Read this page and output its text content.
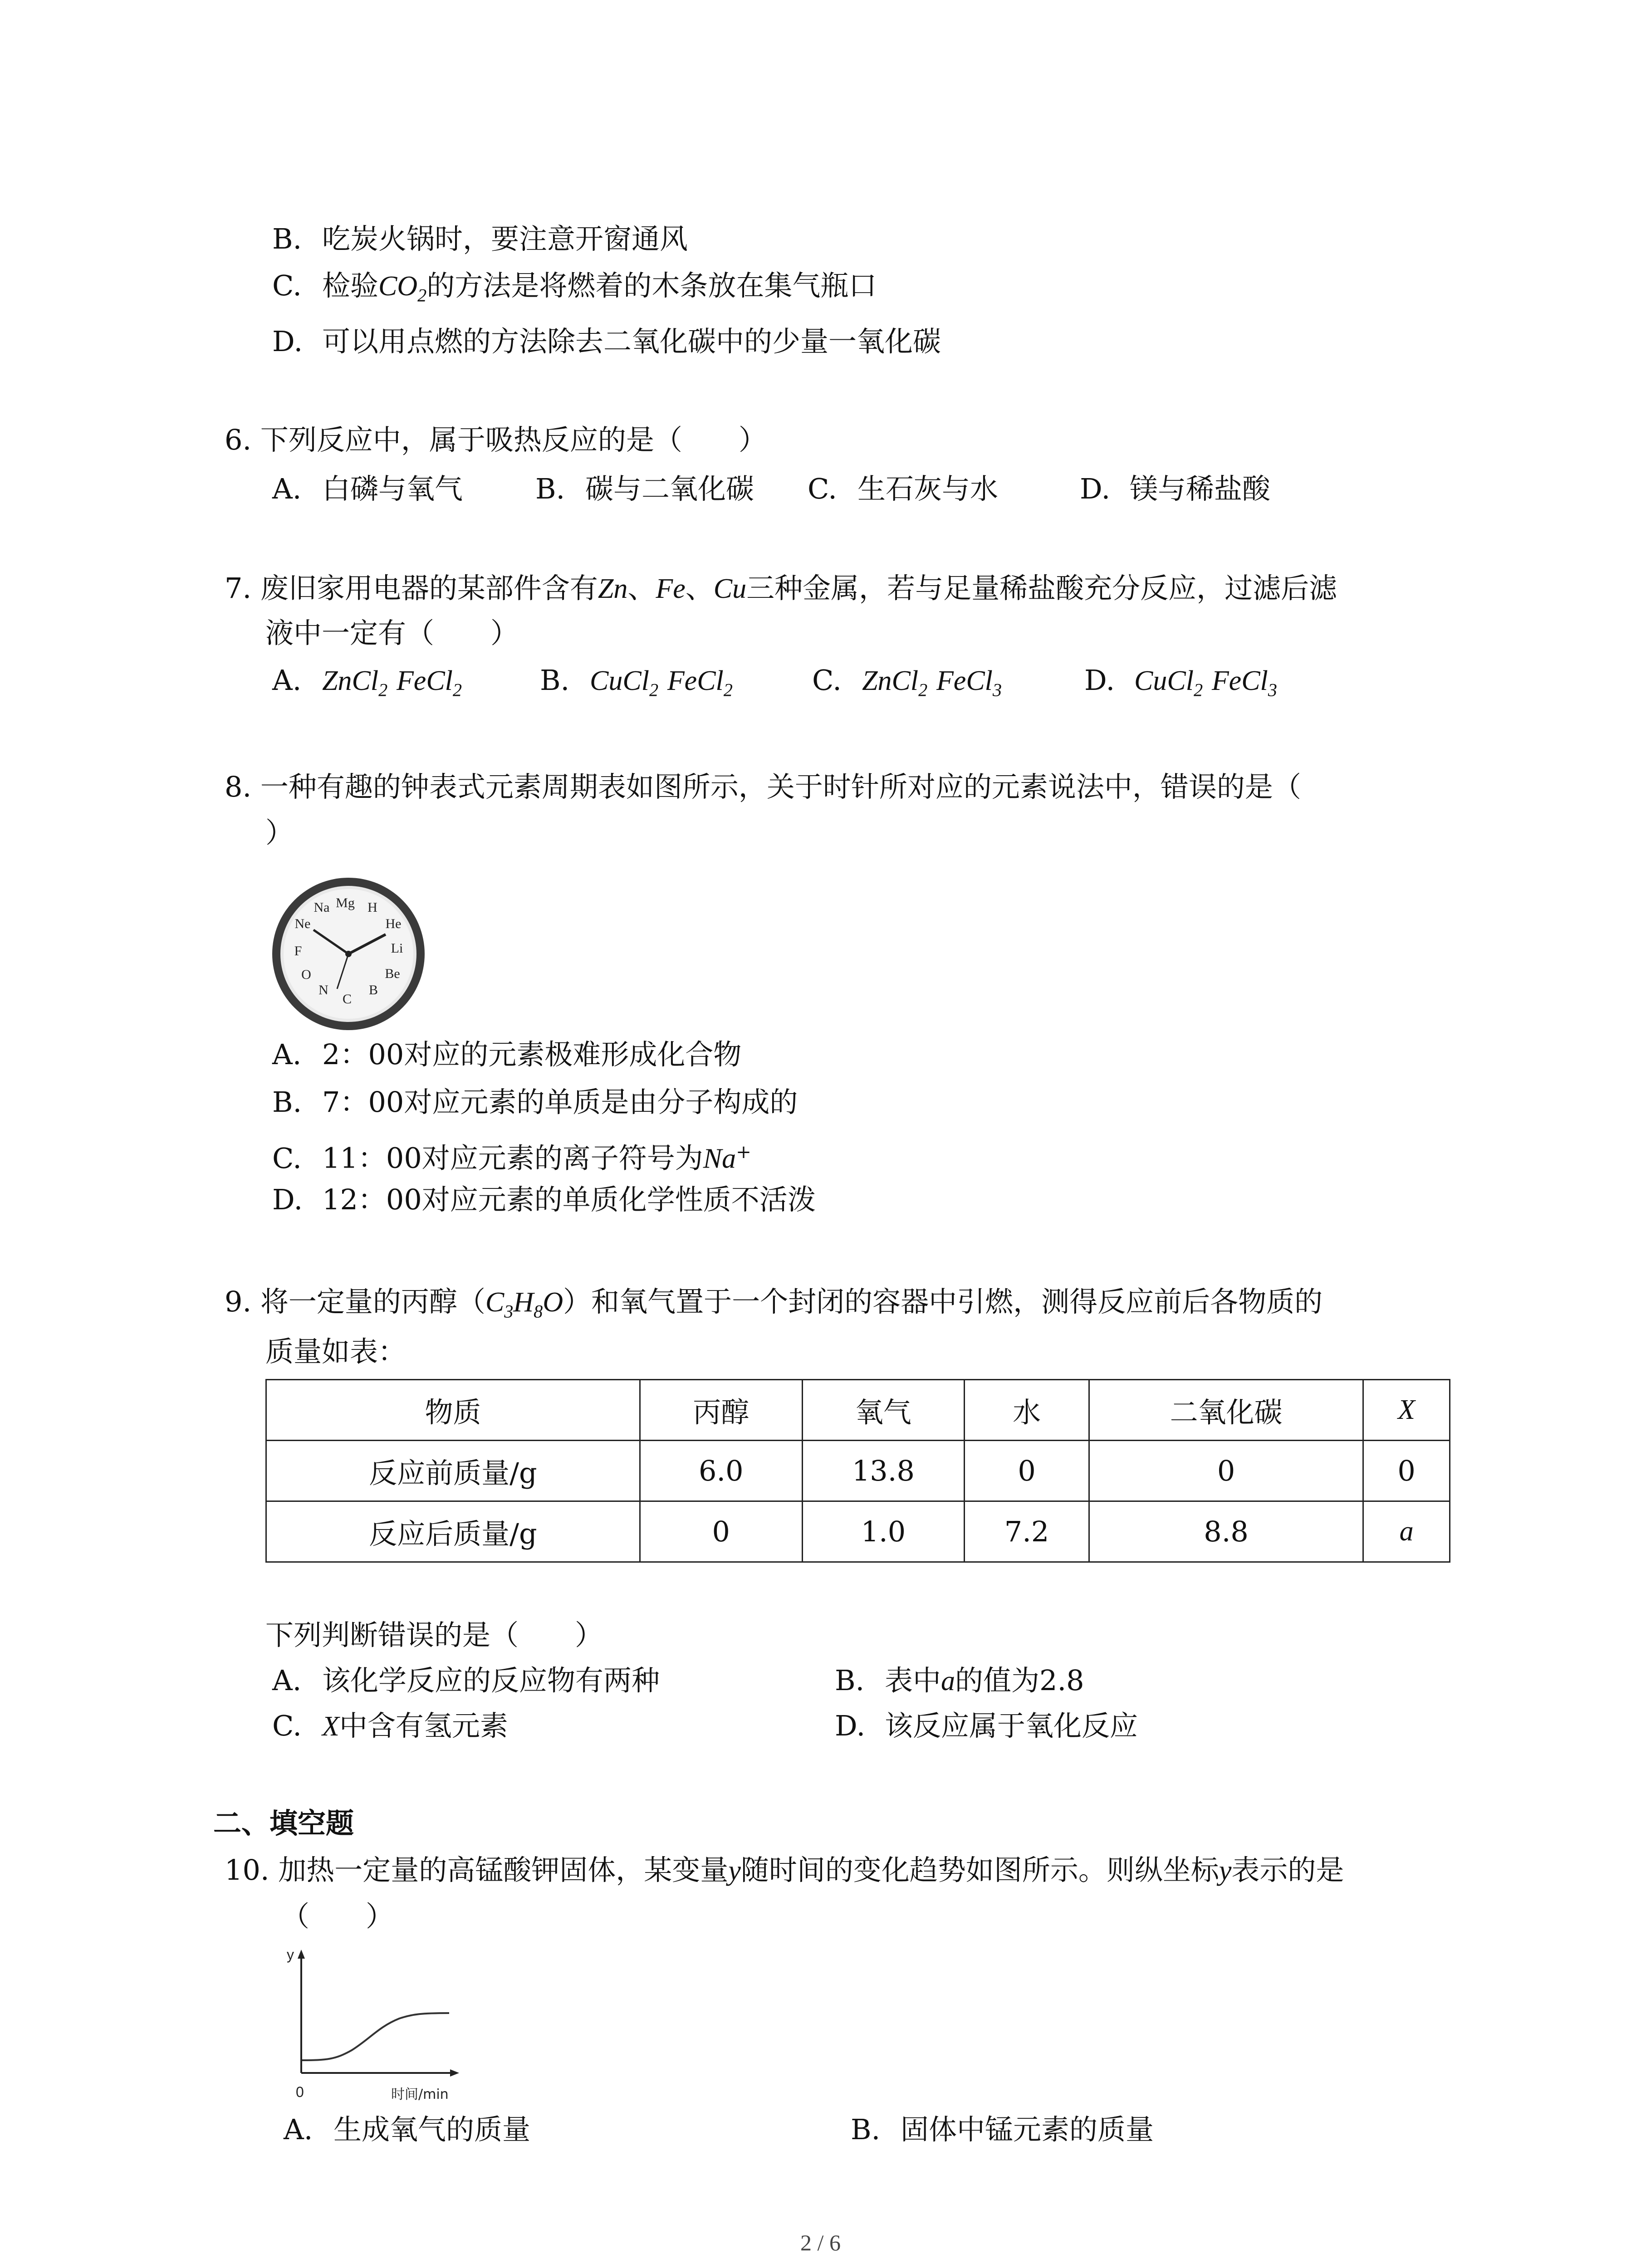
B. 吃炭火锅时，要注意开窗通风
C. 检验$CO_2$的方法是将燃着的木条放在集气瓶口
D. 可以用点燃的方法除去二氧化碳中的少量一氧化碳
6. 下列反应中，属于吸热反应的是（　　）
A. 白磷与氧气	B. 碳与二氧化碳 C. 生石灰与水	D. 镁与稀盐酸
7. 废旧家用电器的某部件含有Zn、Fe、Cu三种金属，若与足量稀盐酸充分反应，过滤后滤
液中一定有（　　）
A. ZnCl$_2$ FeCl$_2$	B. CuCl$_2$ FeCl$_2$	C. ZnCl$_2$ FeCl$_3$	D. CuCl$_2$ FeCl$_3$
8. 一种有趣的钟表式元素周期表如图所示，关于时针所对应的元素说法中，错误的是（
）
H
He
Li
Be
B
C
N
O
F
Ne
Na Mg
A. 2：00对应的元素极难形成化合物
B. 7：00对应元素的单质是由分子构成的
C. 11：00对应元素的离子符号为Na+
D. 12：00对应元素的单质化学性质不活泼
9. 将一定量的丙醇$(C_3H_8O)$和氧气置于一个封闭的容器中引燃，测得反应前后各物质的
质量如表：
物质	丙醇	氧气	水	二氧化碳	X
反应前质量/g	6.0	13.8	0	0	0
反应后质量/g	0	1.0	7.2	8.8	a
下列判断错误的是（　　）
A. 该化学反应的反应物有两种	B. 表中a的值为2.8
C. X中含有氢元素	D. 该反应属于氧化反应
二、填空题
10. 加热一定量的高锰酸钾固体，某变量y随时间的变化趋势如图所示。则纵坐标y表示的是
（　　）
y
0	时间/min
A. 生成氧气的质量	B. 固体中锰元素的质量
2 / 6
